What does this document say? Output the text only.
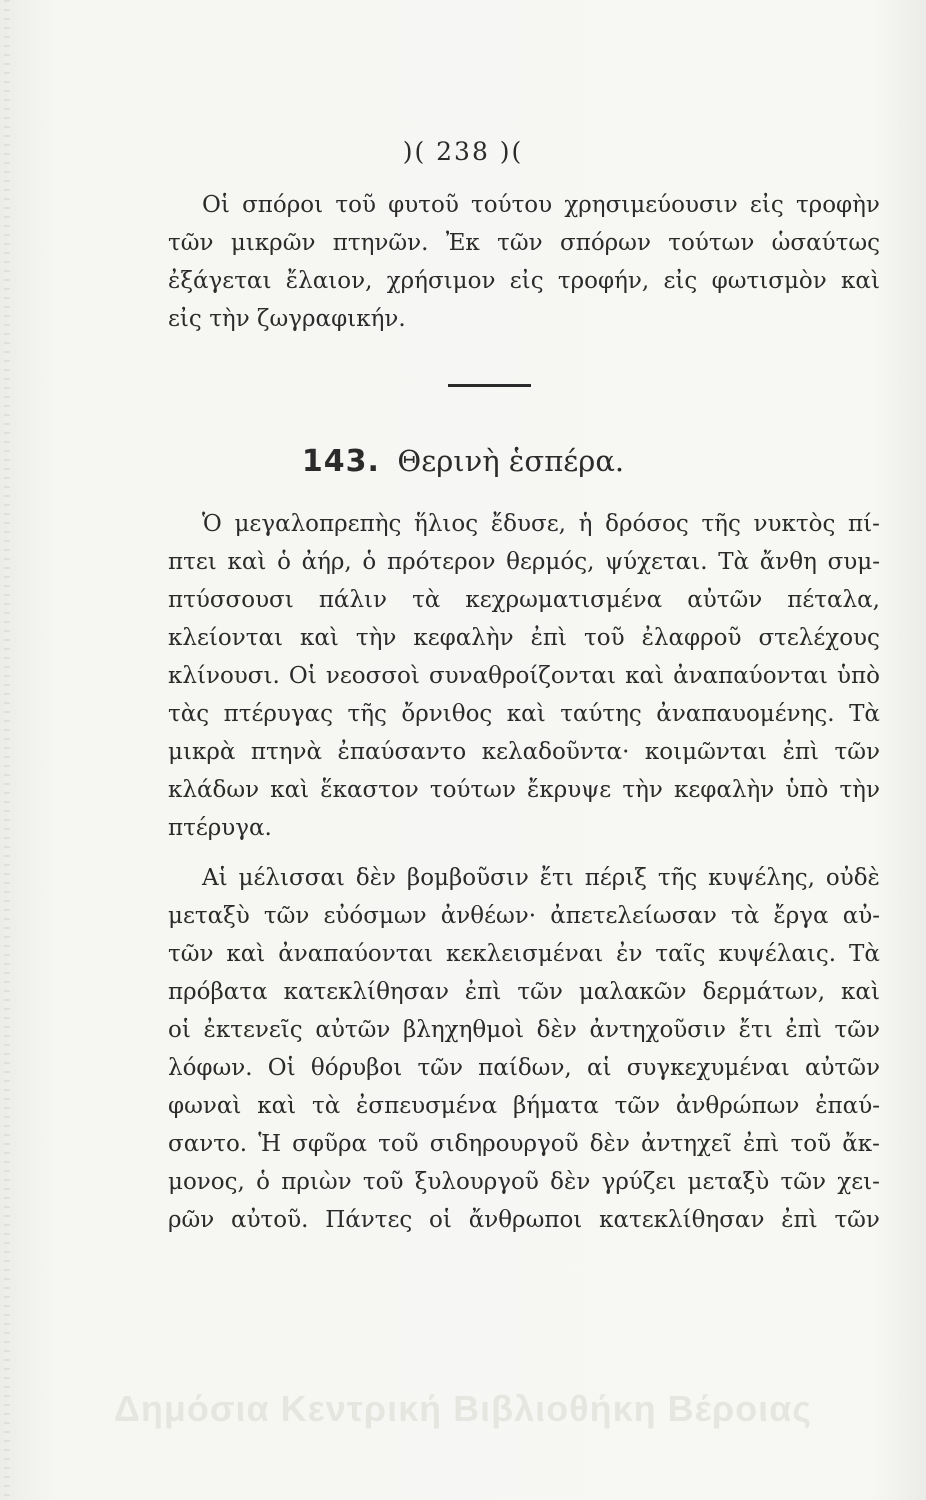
)( 238 )(
Οἱ σπόροι τοῦ φυτοῦ τούτου χρησιμεύουσιν εἰς τροφὴν
τῶν μικρῶν πτηνῶν. Ἐκ τῶν σπόρων τούτων ὡσαύτως
ἐξάγεται ἔλαιον, χρήσιμον εἰς τροφήν, εἰς φωτισμὸν καὶ
εἰς τὴν ζωγραφικήν.
143. Θερινὴ ἑσπέρα.
Ὁ μεγαλοπρεπὴς ἥλιος ἔδυσε, ἡ δρόσος τῆς νυκτὸς πί-
πτει καὶ ὁ ἀήρ, ὁ πρότερον θερμός, ψύχεται. Τὰ ἄνθη συμ-
πτύσσουσι πάλιν τὰ κεχρωματισμένα αὐτῶν πέταλα,
κλείονται καὶ τὴν κεφαλὴν ἐπὶ τοῦ ἐλαφροῦ στελέχους
κλίνουσι. Οἱ νεοσσοὶ συναθροίζονται καὶ ἀναπαύονται ὑπὸ
τὰς πτέρυγας τῆς ὄρνιθος καὶ ταύτης ἀναπαυομένης. Τὰ
μικρὰ πτηνὰ ἐπαύσαντο κελαδοῦντα· κοιμῶνται ἐπὶ τῶν
κλάδων καὶ ἕκαστον τούτων ἔκρυψε τὴν κεφαλὴν ὑπὸ τὴν
πτέρυγα.
Αἱ μέλισσαι δὲν βομβοῦσιν ἔτι πέριξ τῆς κυψέλης, οὐδὲ
μεταξὺ τῶν εὐόσμων ἀνθέων· ἀπετελείωσαν τὰ ἔργα αὐ-
τῶν καὶ ἀναπαύονται κεκλεισμέναι ἐν ταῖς κυψέλαις. Τὰ
πρόβατα κατεκλίθησαν ἐπὶ τῶν μαλακῶν δερμάτων, καὶ
οἱ ἐκτενεῖς αὐτῶν βληχηθμοὶ δὲν ἀντηχοῦσιν ἔτι ἐπὶ τῶν
λόφων. Οἱ θόρυβοι τῶν παίδων, αἱ συγκεχυμέναι αὐτῶν
φωναὶ καὶ τὰ ἐσπευσμένα βήματα τῶν ἀνθρώπων ἐπαύ-
σαντο. Ἡ σφῦρα τοῦ σιδηρουργοῦ δὲν ἀντηχεῖ ἐπὶ τοῦ ἄκ-
μονος, ὁ πριὼν τοῦ ξυλουργοῦ δὲν γρύζει μεταξὺ τῶν χει-
ρῶν αὐτοῦ. Πάντες οἱ ἄνθρωποι κατεκλίθησαν ἐπὶ τῶν
Δημόσια Κεντρική Βιβλιοθήκη Βέροιας
